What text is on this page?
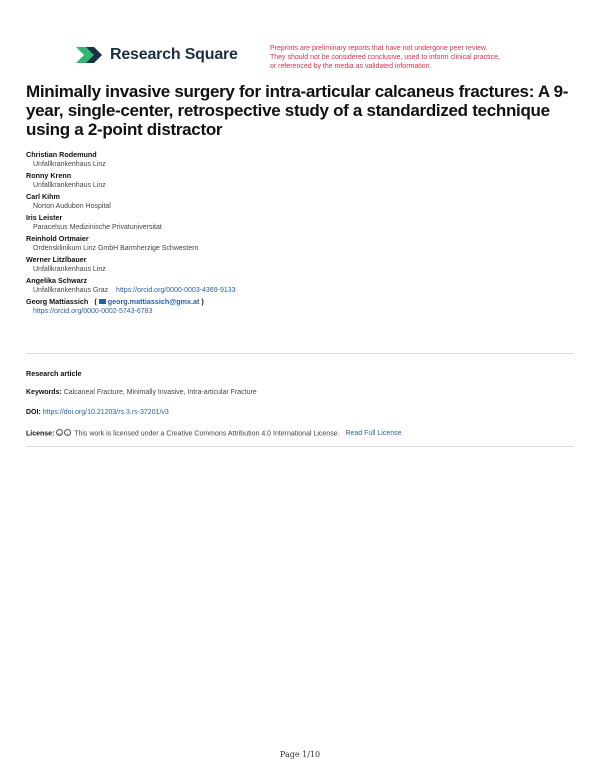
Research Square	Preprints are preliminary reports that have not undergone peer review.
They should not be considered conclusive, used to inform clinical practice,
or referenced by the media as validated information.
Minimally invasive surgery for intra-articular calcaneus fractures: A 9-year, single-center, retrospective study of a standardized technique using a 2-point distractor
Christian Rodemund
Unfallkrankenhaus Linz
Ronny Krenn
Unfallkrankenhaus Linz
Carl Kihm
Norton Audubon Hospital
Iris Leister
Paracelsus Medizinische Privatuniversitat
Reinhold Ortmaier
Ordensklinikum Linz GmbH Barmherzige Schwestern
Werner Litzlbauer
Unfallkrankenhaus Linz
Angelika Schwarz
Unfallkrankenhaus Graz https://orcid.org/0000-0003-4369-9133
Georg Mattiassich ( georg.mattiassich@gmx.at )
https://orcid.org/0000-0002-5743-6783
Research article
Keywords: Calcaneal Fracture, Minimally Invasive, Intra-articular Fracture
DOI: https://doi.org/10.21203/rs.3.rs-37201/v3
License: cc i This work is licensed under a Creative Commons Attribution 4.0 International License. Read Full License
Page 1/10
